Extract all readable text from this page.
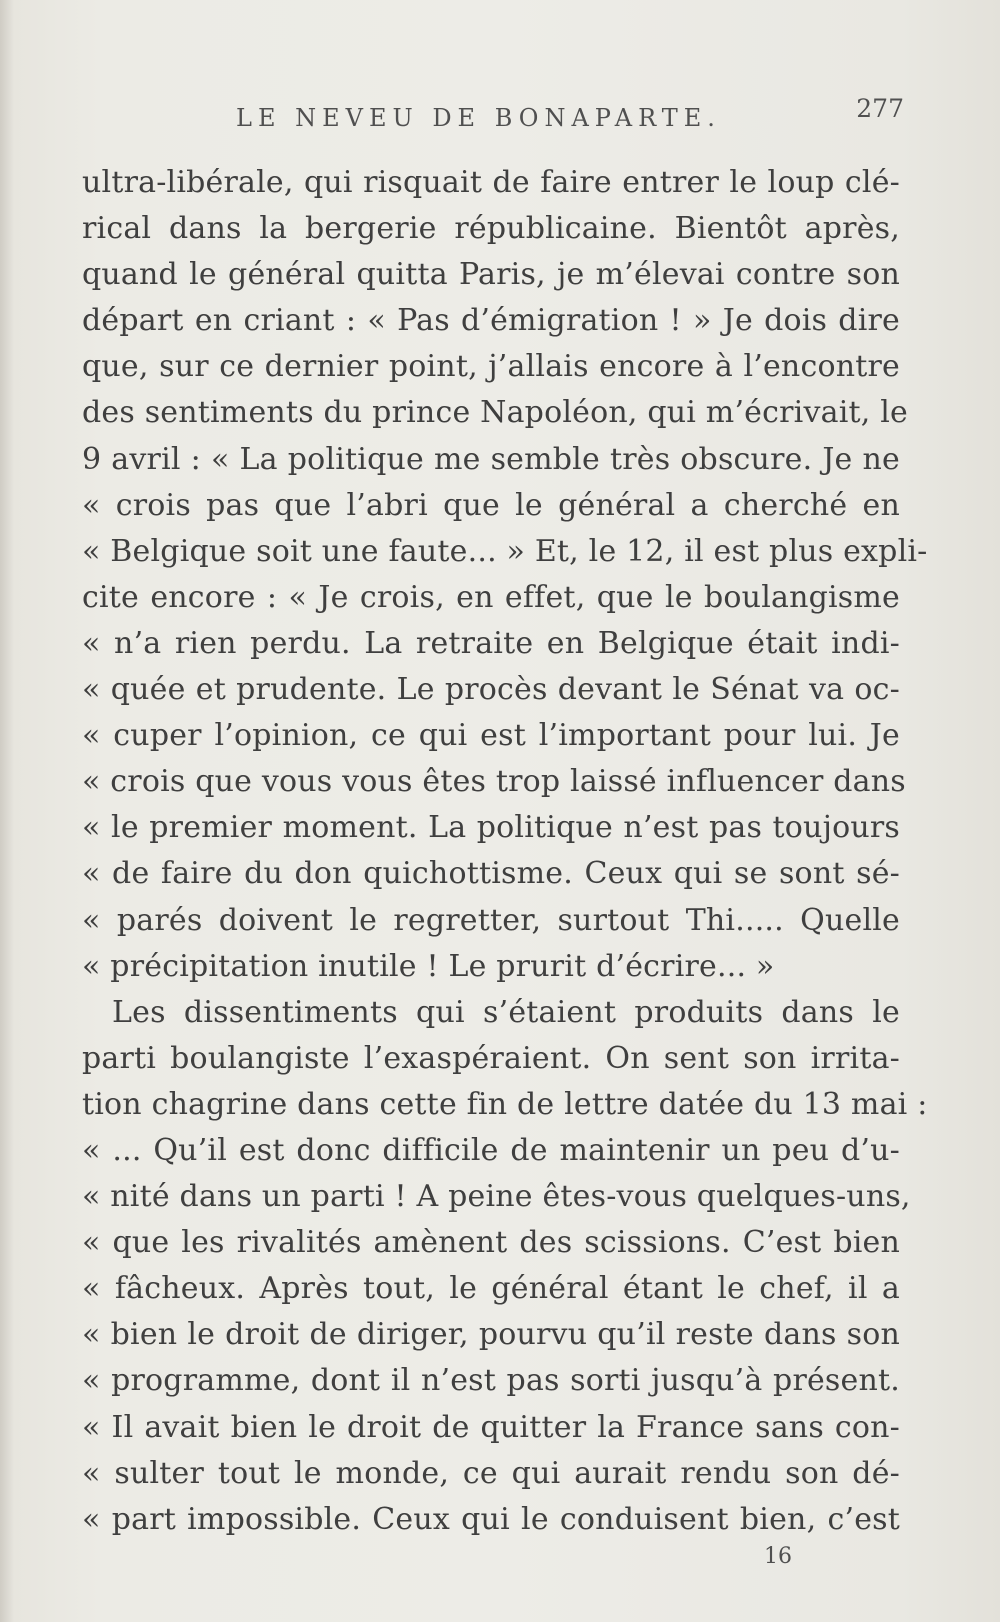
LE NEVEU DE BONAPARTE.	277
ultra-libérale, qui risquait de faire entrer le loup clé-
rical dans la bergerie républicaine. Bientôt après,
quand le général quitta Paris, je m’élevai contre son
départ en criant : « Pas d’émigration ! » Je dois dire
que, sur ce dernier point, j’allais encore à l’encontre
des sentiments du prince Napoléon, qui m’écrivait, le
9 avril : « La politique me semble très obscure. Je ne
« crois pas que l’abri que le général a cherché en
« Belgique soit une faute... » Et, le 12, il est plus expli-
cite encore : « Je crois, en effet, que le boulangisme
« n’a rien perdu. La retraite en Belgique était indi-
« quée et prudente. Le procès devant le Sénat va oc-
« cuper l’opinion, ce qui est l’important pour lui. Je
« crois que vous vous êtes trop laissé influencer dans
« le premier moment. La politique n’est pas toujours
« de faire du don quichottisme. Ceux qui se sont sé-
« parés doivent le regretter, surtout Thi..... Quelle
« précipitation inutile ! Le prurit d’écrire... »
Les dissentiments qui s’étaient produits dans le
parti boulangiste l’exaspéraient. On sent son irrita-
tion chagrine dans cette fin de lettre datée du 13 mai :
« ... Qu’il est donc difficile de maintenir un peu d’u-
« nité dans un parti ! A peine êtes-vous quelques-uns,
« que les rivalités amènent des scissions. C’est bien
« fâcheux. Après tout, le général étant le chef, il a
« bien le droit de diriger, pourvu qu’il reste dans son
« programme, dont il n’est pas sorti jusqu’à présent.
« Il avait bien le droit de quitter la France sans con-
« sulter tout le monde, ce qui aurait rendu son dé-
« part impossible. Ceux qui le conduisent bien, c’est
16
